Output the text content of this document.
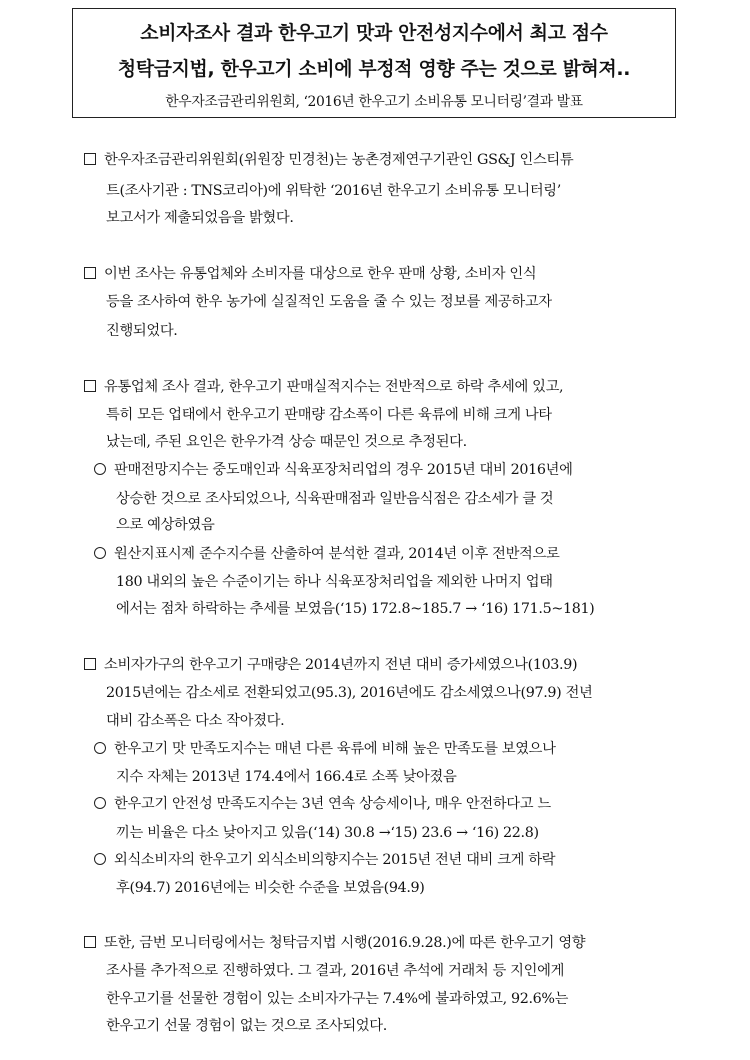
소비자조사 결과 한우고기 맛과 안전성지수에서 최고 점수
청탁금지법, 한우고기 소비에 부정적 영향 주는 것으로 밝혀져..
한우자조금관리위원회, ‘2016년 한우고기 소비유통 모니터링’결과 발표
한우자조금관리위원회(위원장 민경천)는 농촌경제연구기관인 GS&J 인스티튜
트(조사기관 : TNS코리아)에 위탁한 ‘2016년 한우고기 소비유통 모니터링’
보고서가 제출되었음을 밝혔다.
이번 조사는 유통업체와 소비자를 대상으로 한우 판매 상황, 소비자 인식
등을 조사하여 한우 농가에 실질적인 도움을 줄 수 있는 정보를 제공하고자
진행되었다.
유통업체 조사 결과, 한우고기 판매실적지수는 전반적으로 하락 추세에 있고,
특히 모든 업태에서 한우고기 판매량 감소폭이 다른 육류에 비해 크게 나타
났는데, 주된 요인은 한우가격 상승 때문인 것으로 추정된다.
판매전망지수는 중도매인과 식육포장처리업의 경우 2015년 대비 2016년에
상승한 것으로 조사되었으나, 식육판매점과 일반음식점은 감소세가 클 것
으로 예상하였음
원산지표시제 준수지수를 산출하여 분석한 결과, 2014년 이후 전반적으로
180 내외의 높은 수준이기는 하나 식육포장처리업을 제외한 나머지 업태
에서는 점차 하락하는 추세를 보였음(‘15) 172.8~185.7 → ‘16) 171.5~181)
소비자가구의 한우고기 구매량은 2014년까지 전년 대비 증가세였으나(103.9)
2015년에는 감소세로 전환되었고(95.3), 2016년에도 감소세였으나(97.9) 전년
대비 감소폭은 다소 작아졌다.
한우고기 맛 만족도지수는 매년 다른 육류에 비해 높은 만족도를 보였으나
지수 자체는 2013년 174.4에서 166.4로 소폭 낮아졌음
한우고기 안전성 만족도지수는 3년 연속 상승세이나, 매우 안전하다고 느
끼는 비율은 다소 낮아지고 있음(‘14) 30.8 →‘15) 23.6 → ‘16) 22.8)
외식소비자의 한우고기 외식소비의향지수는 2015년 전년 대비 크게 하락
후(94.7) 2016년에는 비슷한 수준을 보였음(94.9)
또한, 금번 모니터링에서는 청탁금지법 시행(2016.9.28.)에 따른 한우고기 영향
조사를 추가적으로 진행하였다. 그 결과, 2016년 추석에 거래처 등 지인에게
한우고기를 선물한 경험이 있는 소비자가구는 7.4%에 불과하였고, 92.6%는
한우고기 선물 경험이 없는 것으로 조사되었다.
